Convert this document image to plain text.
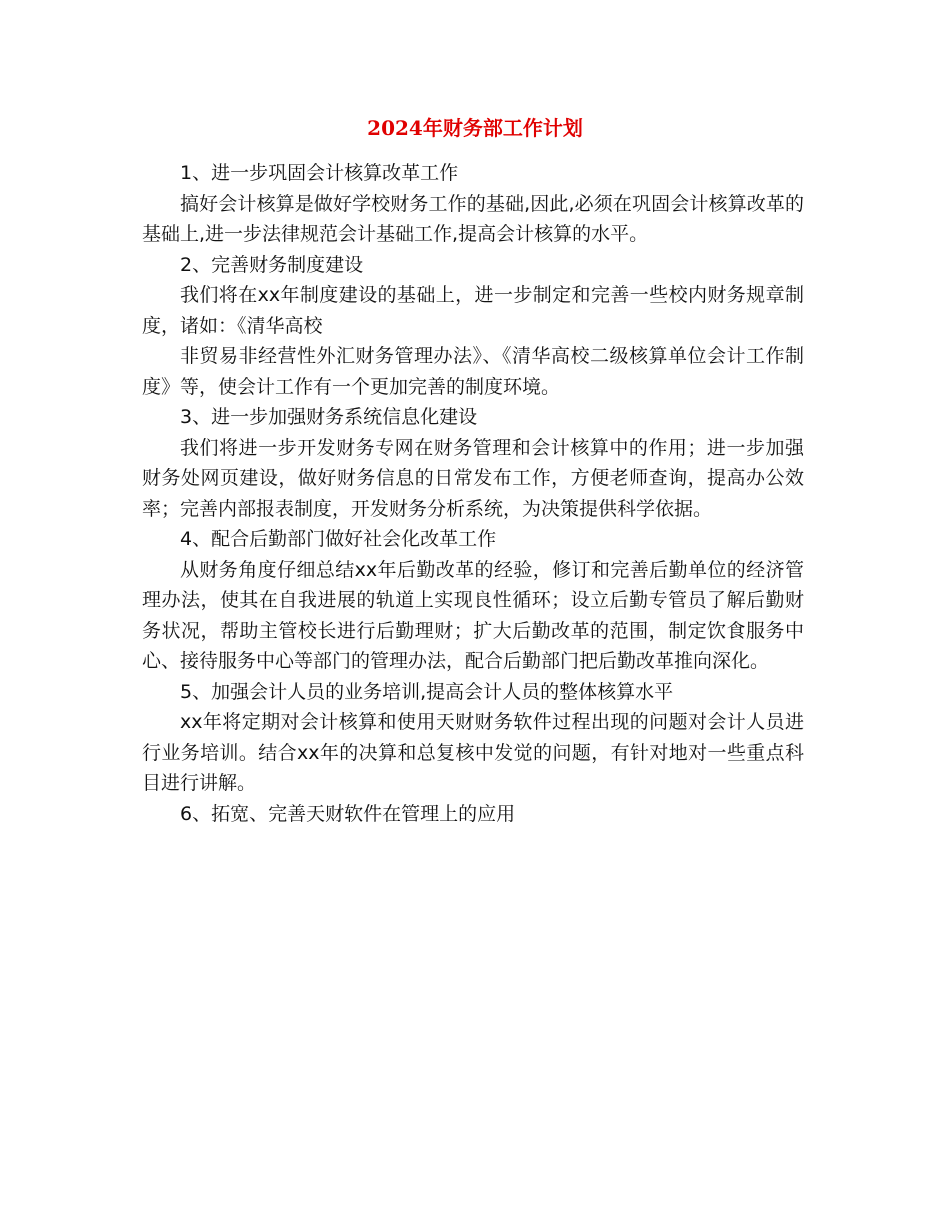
2024年财务部工作计划

1、进一步巩固会计核算改革工作

搞好会计核算是做好学校财务工作的基础,因此,必须在巩固会计核算改革的基础上,进一步法律规范会计基础工作,提高会计核算的水平。

2、完善财务制度建设

我们将在xx年制度建设的基础上，进一步制定和完善一些校内财务规章制度，诸如：《清华高校

非贸易非经营性外汇财务管理办法》、《清华高校二级核算单位会计工作制度》等，使会计工作有一个更加完善的制度环境。

3、进一步加强财务系统信息化建设

我们将进一步开发财务专网在财务管理和会计核算中的作用；进一步加强财务处网页建设，做好财务信息的日常发布工作，方便老师查询，提高办公效率；完善内部报表制度，开发财务分析系统，为决策提供科学依据。

4、配合后勤部门做好社会化改革工作

从财务角度仔细总结xx年后勤改革的经验，修订和完善后勤单位的经济管理办法，使其在自我进展的轨道上实现良性循环；设立后勤专管员了解后勤财务状况，帮助主管校长进行后勤理财；扩大后勤改革的范围，制定饮食服务中心、接待服务中心等部门的管理办法，配合后勤部门把后勤改革推向深化。

5、加强会计人员的业务培训,提高会计人员的整体核算水平

xx年将定期对会计核算和使用天财财务软件过程出现的问题对会计人员进行业务培训。结合xx年的决算和总复核中发觉的问题，有针对地对一些重点科目进行讲解。

6、拓宽、完善天财软件在管理上的应用
